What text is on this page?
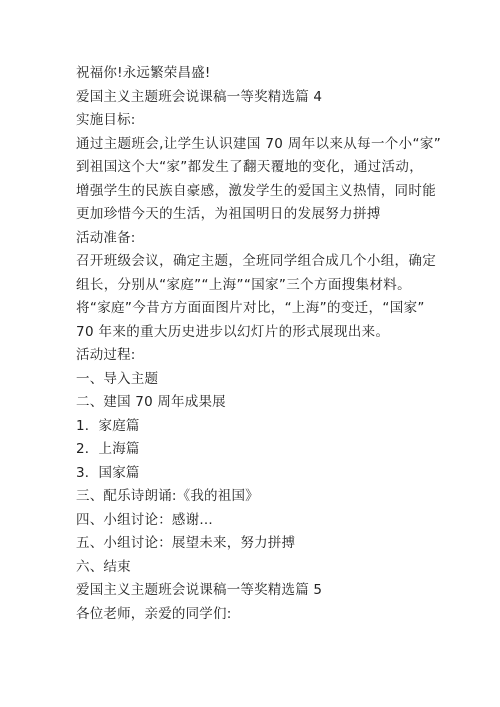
祝福你!永远繁荣昌盛!
爱国主义主题班会说课稿一等奖精选篇 4
实施目标:
通过主题班会,让学生认识建国 70 周年以来从每一个小“家”
到祖国这个大“家”都发生了翻天覆地的变化，通过活动，
增强学生的民族自豪感，激发学生的爱国主义热情，同时能
更加珍惜今天的生活，为祖国明日的发展努力拼搏
活动准备:
召开班级会议，确定主题，全班同学组合成几个小组，确定
组长，分别从“家庭”“上海”“国家”三个方面搜集材料。
将“家庭”今昔方方面面图片对比，“上海”的变迁，“国家”
70 年来的重大历史进步以幻灯片的形式展现出来。
活动过程:
一、导入主题
二、建国 70 周年成果展
1．家庭篇
2．上海篇
3．国家篇
三、配乐诗朗诵:《我的祖国》
四、小组讨论：感谢…
五、小组讨论：展望未来，努力拼搏
六、结束
爱国主义主题班会说课稿一等奖精选篇 5
各位老师，亲爱的同学们:
